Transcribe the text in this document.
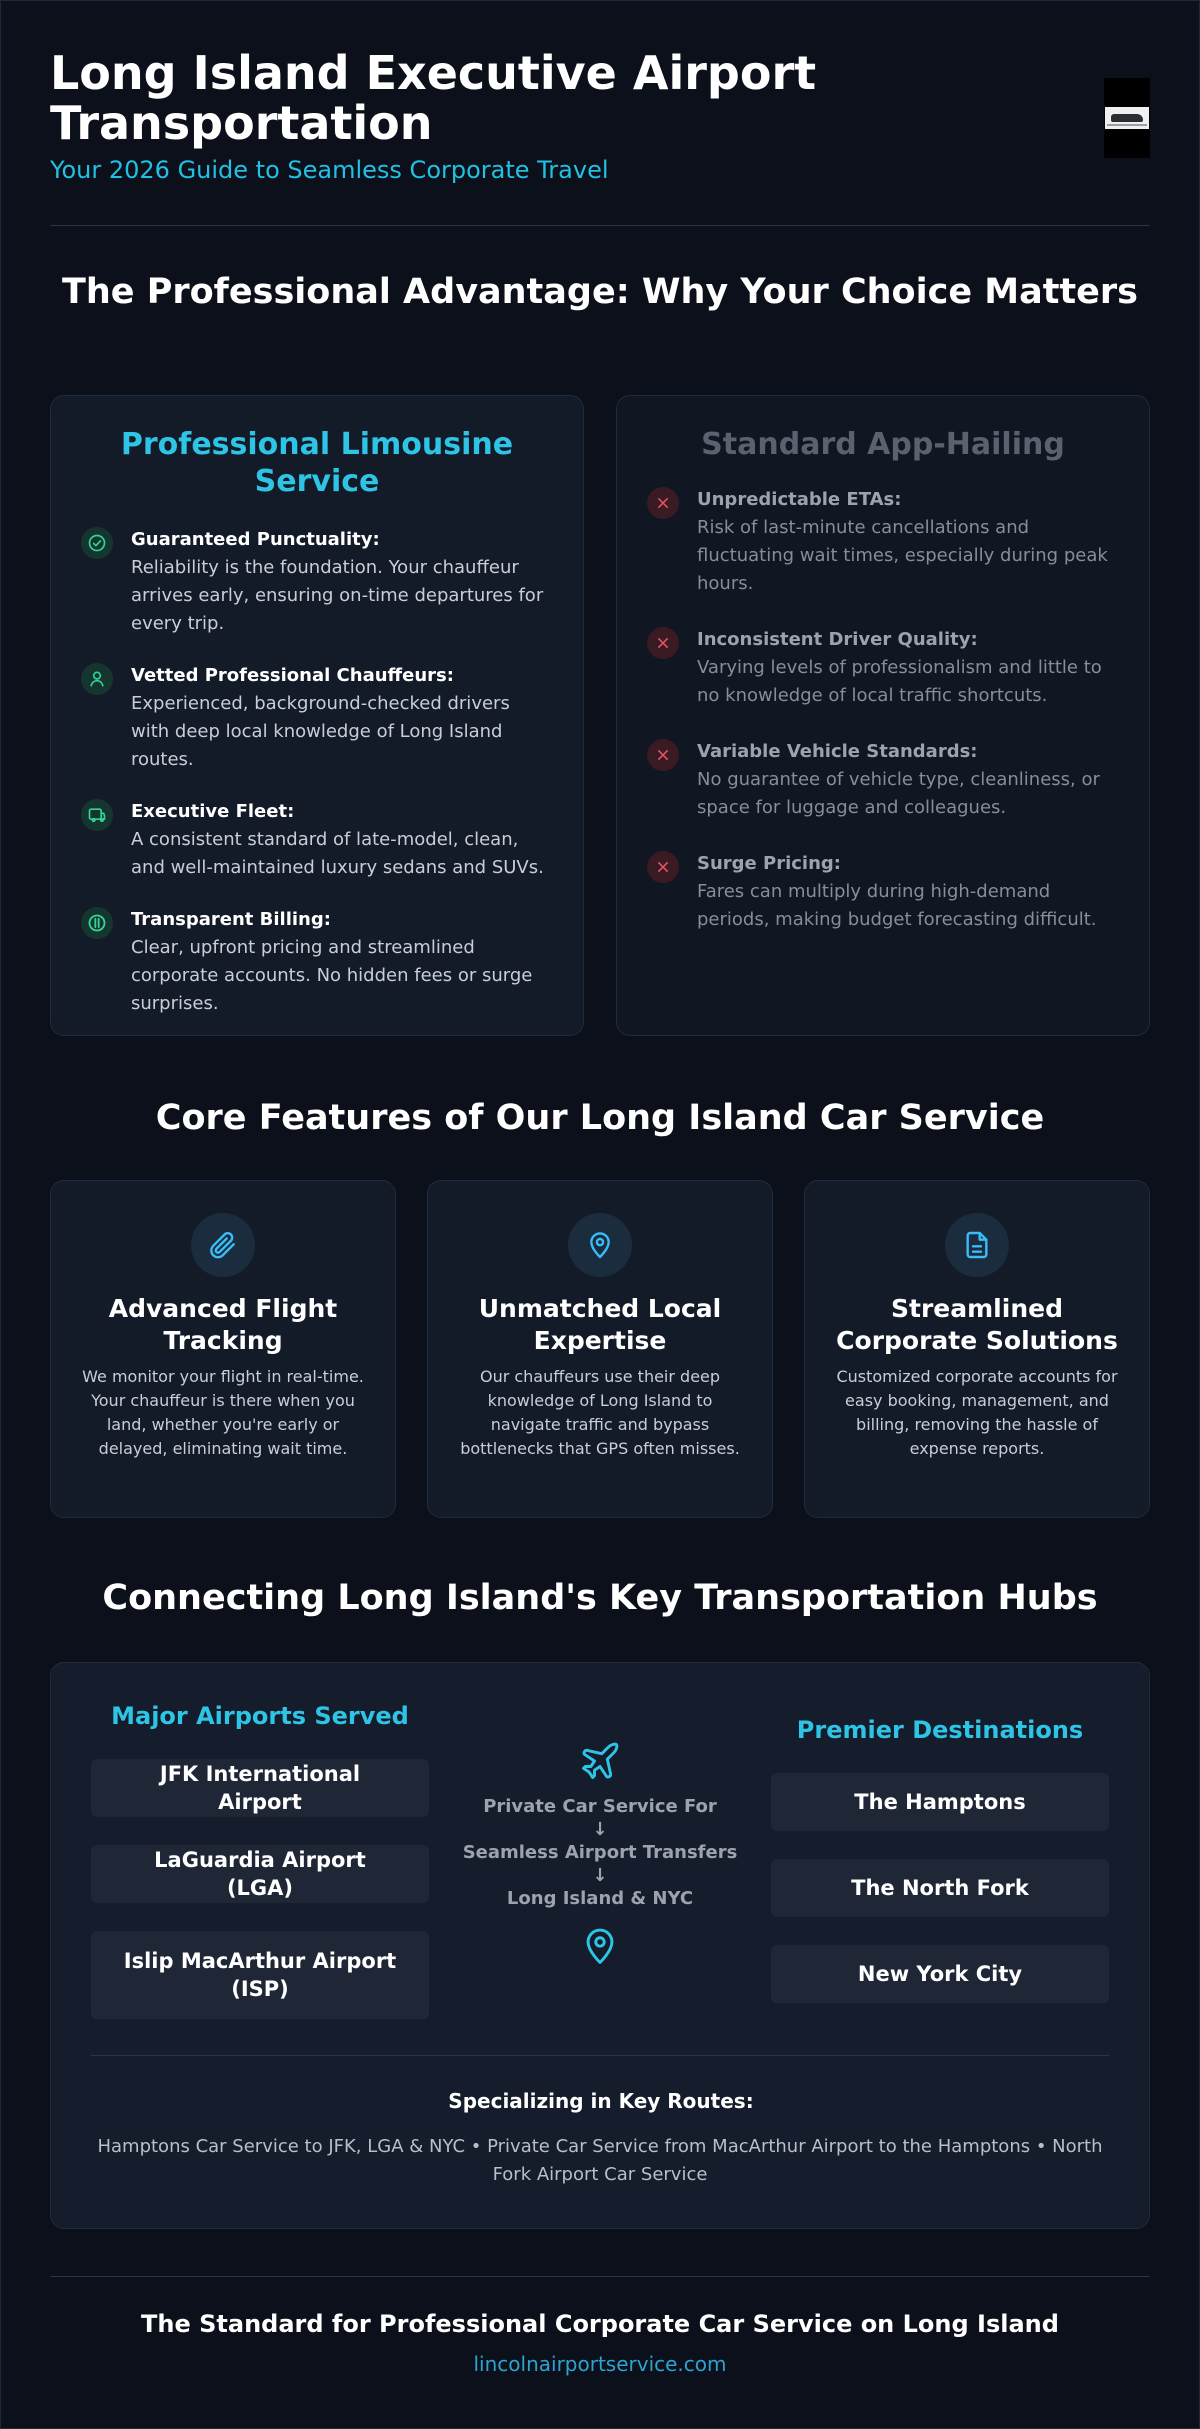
Long Island Executive Airport Transportation
Your 2026 Guide to Seamless Corporate Travel
The Professional Advantage: Why Your Choice Matters
Professional Limousine Service
Guaranteed Punctuality:
Reliability is the foundation. Your chauffeur arrives early, ensuring on-time departures for every trip.
Vetted Professional Chauffeurs:
Experienced, background-checked drivers with deep local knowledge of Long Island routes.
Executive Fleet:
A consistent standard of late-model, clean, and well-maintained luxury sedans and SUVs.
Transparent Billing:
Clear, upfront pricing and streamlined corporate accounts. No hidden fees or surge surprises.
Standard App-Hailing
Unpredictable ETAs:
Risk of last-minute cancellations and fluctuating wait times, especially during peak hours.
Inconsistent Driver Quality:
Varying levels of professionalism and little to no knowledge of local traffic shortcuts.
Variable Vehicle Standards:
No guarantee of vehicle type, cleanliness, or space for luggage and colleagues.
Surge Pricing:
Fares can multiply during high-demand periods, making budget forecasting difficult.
Core Features of Our Long Island Car Service
Advanced Flight Tracking

We monitor your flight in real-time. Your chauffeur is there when you land, whether you're early or delayed, eliminating wait time.

Unmatched Local Expertise

Our chauffeurs use their deep knowledge of Long Island to navigate traffic and bypass bottlenecks that GPS often misses.

Streamlined Corporate Solutions

Customized corporate accounts for easy booking, management, and billing, removing the hassle of expense reports.

Connecting Long Island's Key Transportation Hubs
Major Airports Served
JFK International Airport
LaGuardia Airport (LGA)
Islip MacArthur Airport (ISP)
Private Car Service For
↓
Seamless Airport Transfers
↓
Long Island & NYC
Premier Destinations
The Hamptons
The North Fork
New York City
Specializing in Key Routes:
Hamptons Car Service to JFK, LGA & NYC • Private Car Service from MacArthur Airport to the Hamptons • North Fork Airport Car Service
The Standard for Professional Corporate Car Service on Long Island
lincolnairportservice.com
